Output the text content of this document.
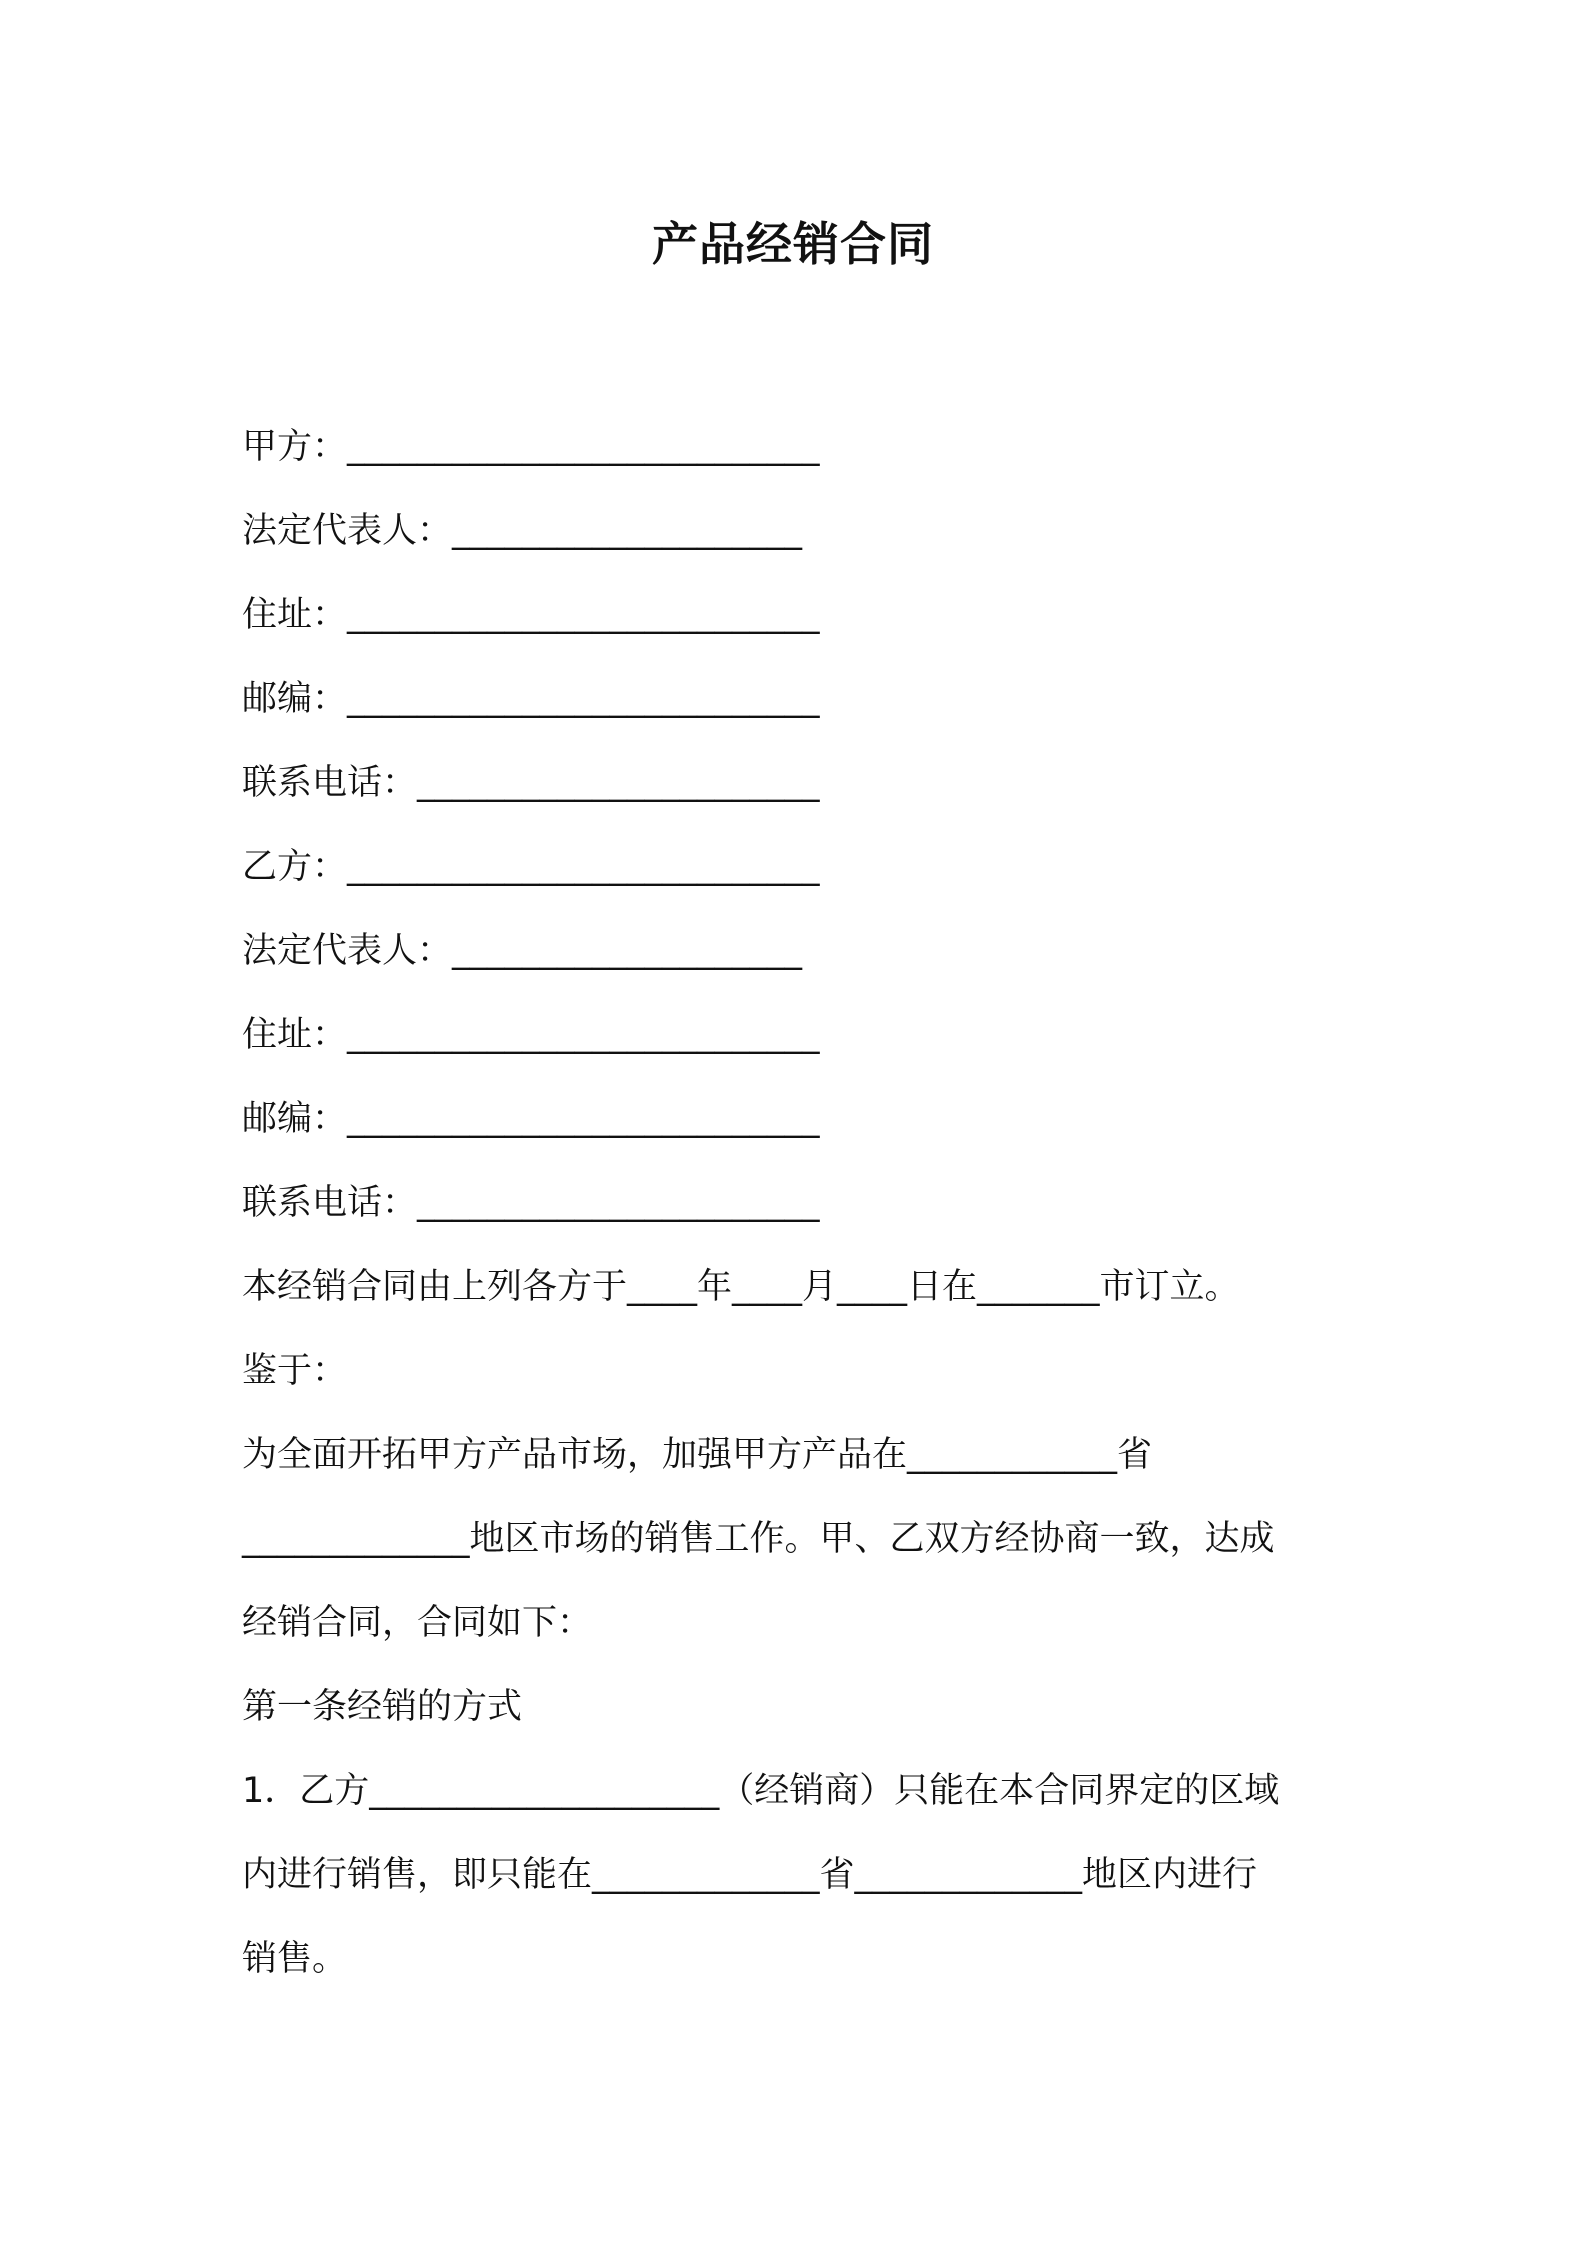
产品经销合同

甲方：___________________________

法定代表人：____________________

住址：___________________________

邮编：___________________________

联系电话：_______________________

乙方：___________________________

法定代表人：____________________

住址：___________________________

邮编：___________________________

联系电话：_______________________

本经销合同由上列各方于____年____月____日在_______市订立。

鉴于：

为全面开拓甲方产品市场，加强甲方产品在____________省

_____________地区市场的销售工作。甲、乙双方经协商一致，达成

经销合同，合同如下：

第一条经销的方式

1．乙方____________________（经销商）只能在本合同界定的区域

内进行销售，即只能在_____________省_____________地区内进行

销售。
